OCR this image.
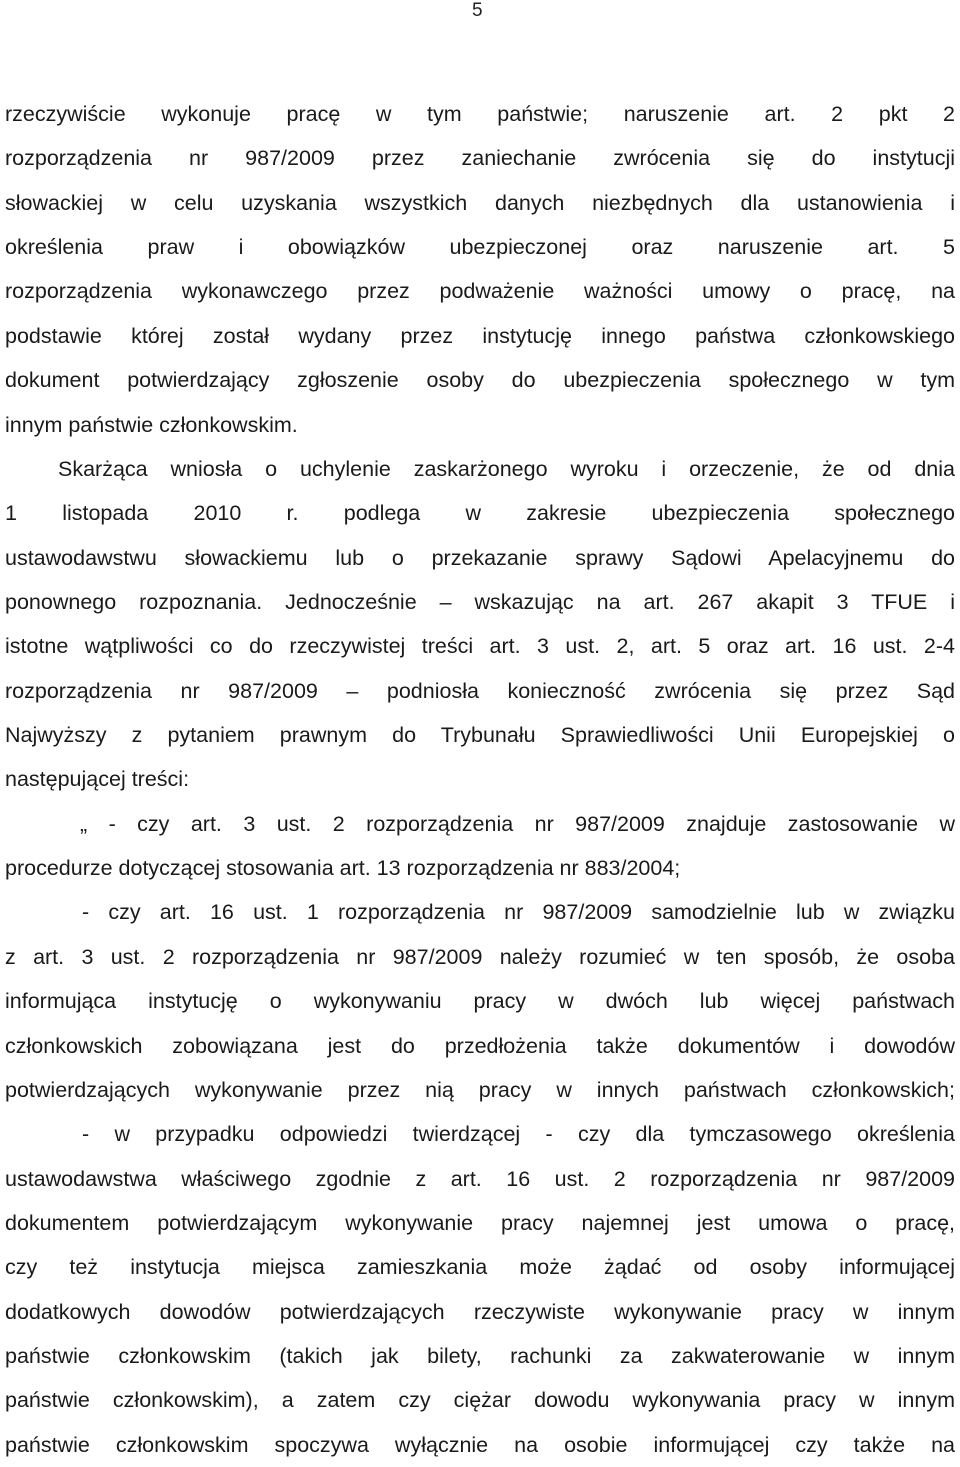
5
rzeczywiście wykonuje pracę w tym państwie; naruszenie art. 2 pkt 2
rozporządzenia nr 987/2009 przez zaniechanie zwrócenia się do instytucji
słowackiej w celu uzyskania wszystkich danych niezbędnych dla ustanowienia i
określenia praw i obowiązków ubezpieczonej oraz naruszenie art. 5
rozporządzenia wykonawczego przez podważenie ważności umowy o pracę, na
podstawie której został wydany przez instytucję innego państwa członkowskiego
dokument potwierdzający zgłoszenie osoby do ubezpieczenia społecznego w tym
innym państwie członkowskim.
Skarżąca wniosła o uchylenie zaskarżonego wyroku i orzeczenie, że od dnia
1 listopada 2010 r. podlega w zakresie ubezpieczenia społecznego
ustawodawstwu słowackiemu lub o przekazanie sprawy Sądowi Apelacyjnemu do
ponownego rozpoznania. Jednocześnie – wskazując na art. 267 akapit 3 TFUE i
istotne wątpliwości co do rzeczywistej treści art. 3 ust. 2, art. 5 oraz art. 16 ust. 2-4
rozporządzenia nr 987/2009 – podniosła konieczność zwrócenia się przez Sąd
Najwyższy z pytaniem prawnym do Trybunału Sprawiedliwości Unii Europejskiej o
następującej treści:
„ - czy art. 3 ust. 2 rozporządzenia nr 987/2009 znajduje zastosowanie w
procedurze dotyczącej stosowania art. 13 rozporządzenia nr 883/2004;
- czy art. 16 ust. 1 rozporządzenia nr 987/2009 samodzielnie lub w związku
z art. 3 ust. 2 rozporządzenia nr 987/2009 należy rozumieć w ten sposób, że osoba
informująca instytucję o wykonywaniu pracy w dwóch lub więcej państwach
członkowskich zobowiązana jest do przedłożenia także dokumentów i dowodów
potwierdzających wykonywanie przez nią pracy w innych państwach członkowskich;
- w przypadku odpowiedzi twierdzącej - czy dla tymczasowego określenia
ustawodawstwa właściwego zgodnie z art. 16 ust. 2 rozporządzenia nr 987/2009
dokumentem potwierdzającym wykonywanie pracy najemnej jest umowa o pracę,
czy też instytucja miejsca zamieszkania może żądać od osoby informującej
dodatkowych dowodów potwierdzających rzeczywiste wykonywanie pracy w innym
państwie członkowskim (takich jak bilety, rachunki za zakwaterowanie w innym
państwie członkowskim), a zatem czy ciężar dowodu wykonywania pracy w innym
państwie członkowskim spoczywa wyłącznie na osobie informującej czy także na
